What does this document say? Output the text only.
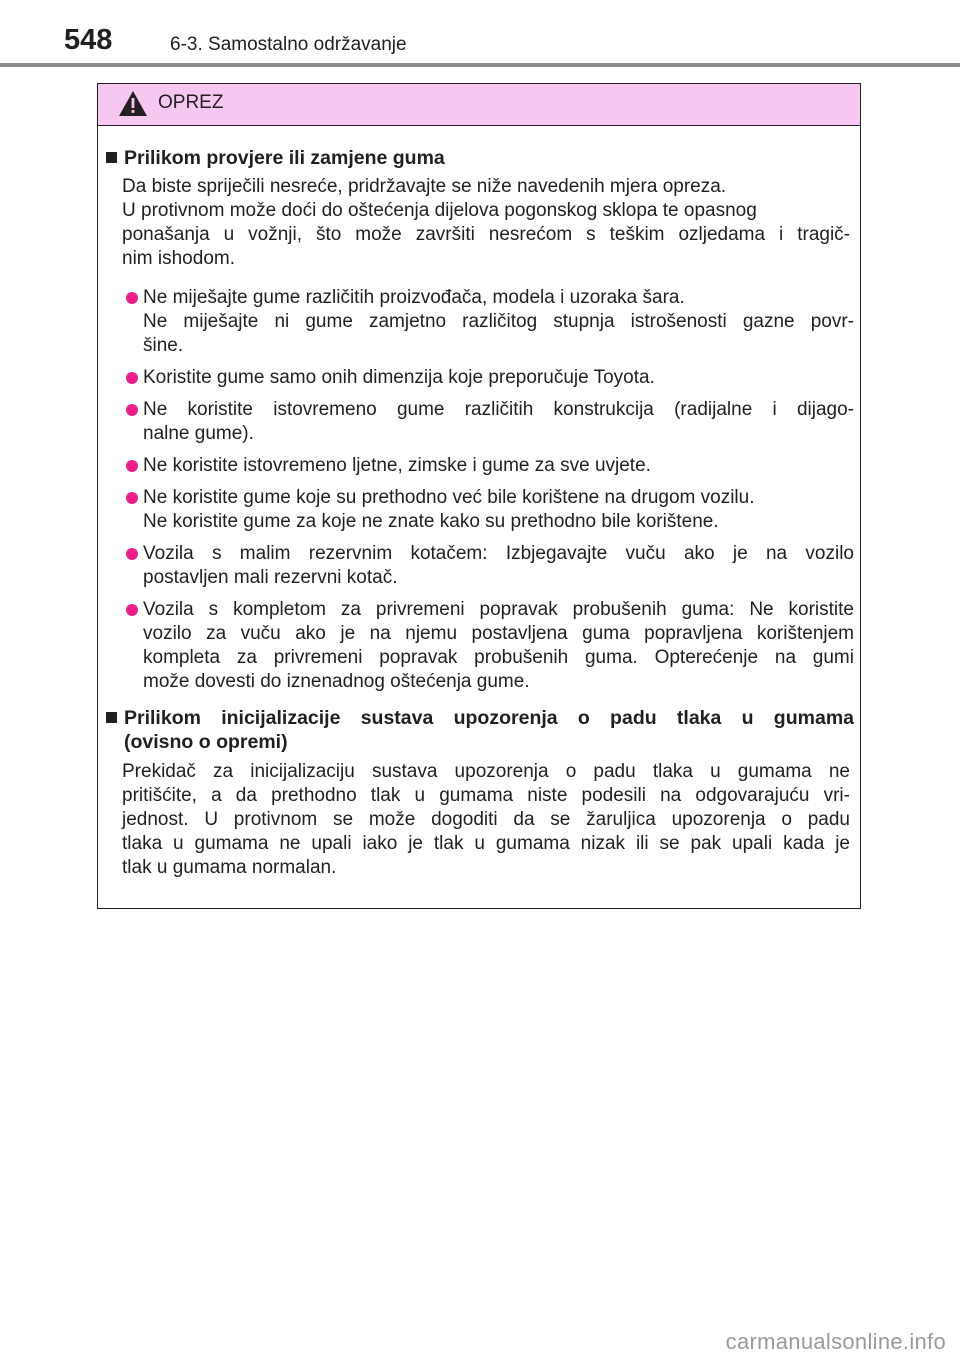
548	6-3. Samostalno održavanje
OPREZ
Prilikom provjere ili zamjene guma
Da biste spriječili nesreće, pridržavajte se niže navedenih mjera opreza.
U protivnom može doći do oštećenja dijelova pogonskog sklopa te opasnog
ponašanja u vožnji, što može završiti nesrećom s teškim ozljedama i tragič-
nim ishodom.
Ne miješajte gume različitih proizvođača, modela i uzoraka šara.
Ne miješajte ni gume zamjetno različitog stupnja istrošenosti gazne povr-
šine.
Koristite gume samo onih dimenzija koje preporučuje Toyota.
Ne koristite istovremeno gume različitih konstrukcija (radijalne i dijago-
nalne gume).
Ne koristite istovremeno ljetne, zimske i gume za sve uvjete.
Ne koristite gume koje su prethodno već bile korištene na drugom vozilu.
Ne koristite gume za koje ne znate kako su prethodno bile korištene.
Vozila s malim rezervnim kotačem: Izbjegavajte vuču ako je na vozilo
postavljen mali rezervni kotač.
Vozila s kompletom za privremeni popravak probušenih guma: Ne koristite
vozilo za vuču ako je na njemu postavljena guma popravljena korištenjem
kompleta za privremeni popravak probušenih guma. Opterećenje na gumi
može dovesti do iznenadnog oštećenja gume.
Prilikom inicijalizacije sustava upozorenja o padu tlaka u gumama
(ovisno o opremi)
Prekidač za inicijalizaciju sustava upozorenja o padu tlaka u gumama ne
pritišćite, a da prethodno tlak u gumama niste podesili na odgovarajuću vri-
jednost. U protivnom se može dogoditi da se žaruljica upozorenja o padu
tlaka u gumama ne upali iako je tlak u gumama nizak ili se pak upali kada je
tlak u gumama normalan.
carmanualsonline.info
